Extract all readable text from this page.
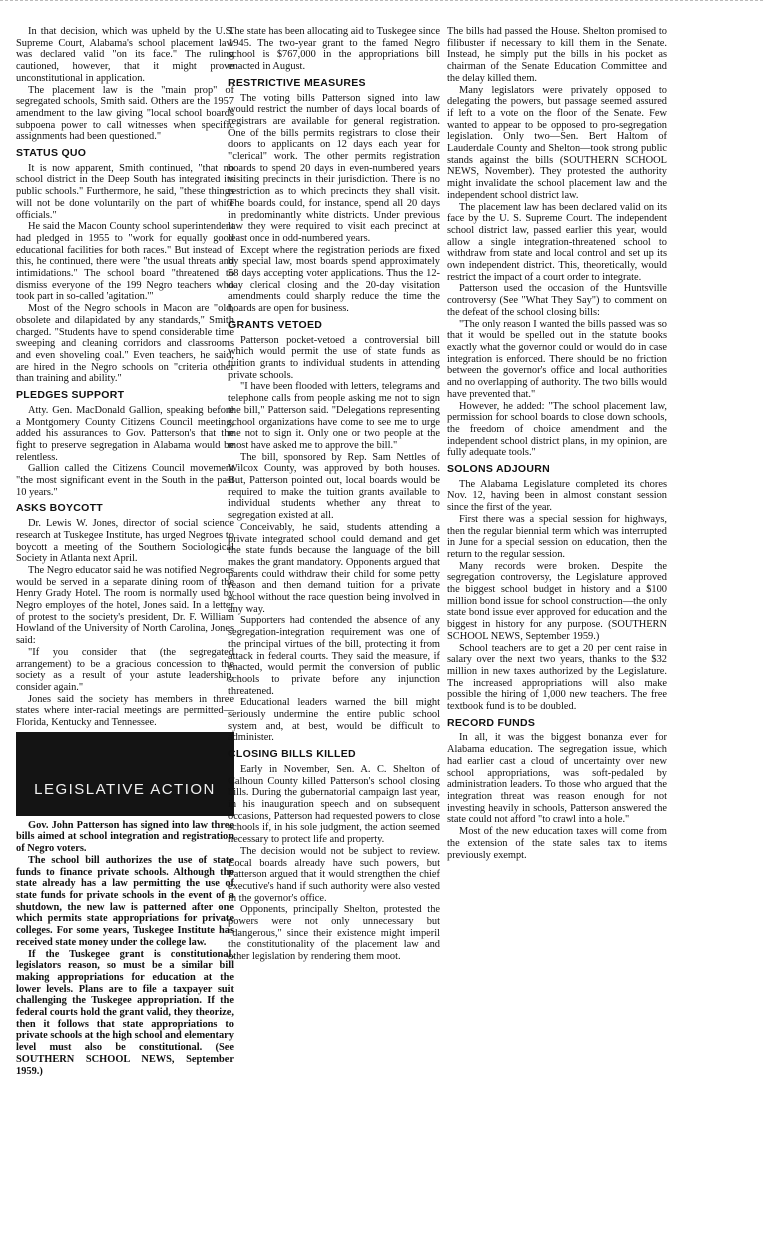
In that decision, which was upheld by the U.S. Supreme Court, Alabama's school placement law was declared valid "on its face." The ruling cautioned, however, that it might prove unconstitutional in application.

The placement law is the "main prop" of segregated schools, Smith said. Others are the 1957 amendment to the law giving "local school boards subpoena power to call witnesses when specific assignments had been questioned."

STATUS QUO

It is now apparent, Smith continued, "that no school district in the Deep South has integrated its public schools." Furthermore, he said, "these things will not be done voluntarily on the part of white officials."

He said the Macon County school superintendent had pledged in 1955 to "work for equally good educational facilities for both races." But instead of this, he continued, there were "the usual threats and intimidations." The school board "threatened to dismiss everyone of the 199 Negro teachers who took part in so-called 'agitation.'"

Most of the Negro schools in Macon are "old, obsolete and dilapidated by any standards," Smith charged. "Students have to spend considerable time sweeping and cleaning corridors and classrooms and even shoveling coal." Even teachers, he said, are hired in the Negro schools on "criteria other than training and ability."

PLEDGES SUPPORT

Atty. Gen. MacDonald Gallion, speaking before a Montgomery County Citizens Council meeting, added his assurances to Gov. Patterson's that the fight to preserve segregation in Alabama would be relentless.

Gallion called the Citizens Council movement "the most significant event in the South in the past 10 years."

ASKS BOYCOTT

Dr. Lewis W. Jones, director of social science research at Tuskegee Institute, has urged Negroes to boycott a meeting of the Southern Sociological Society in Atlanta next April.

The Negro educator said he was notified Negroes would be served in a separate dining room of the Henry Grady Hotel. The room is normally used by Negro employes of the hotel, Jones said. In a letter of protest to the society's president, Dr. F. William Howland of the University of North Carolina, Jones said:

"If you consider that (the segregated arrangement) to be a gracious concession to the society as a result of your astute leadership, consider again."

Jones said the society has members in three states where inter-racial meetings are permitted—Florida, Kentucky and Tennessee.

LEGISLATIVE ACTION

Gov. John Patterson has signed into law three bills aimed at school integration and registration of Negro voters.

The school bill authorizes the use of state funds to finance private schools. Although the state already has a law permitting the use of state funds for private schools in the event of a shutdown, the new law is patterned after one which permits state appropriations for private colleges. For some years, Tuskegee Institute has received state money under the college law.

If the Tuskegee grant is constitutional, legislators reason, so must be a similar bill making appropriations for education at the lower levels. Plans are to file a taxpayer suit challenging the Tuskegee appropriation. If the federal courts hold the grant valid, they theorize, then it follows that state appropriations to private schools at the high school and elementary level must also be constitutional. (See SOUTHERN SCHOOL NEWS, September 1959.)

The state has been allocating aid to Tuskegee since 1945. The two-year grant to the famed Negro school is $767,000 in the appropriations bill enacted in August.

RESTRICTIVE MEASURES

The voting bills Patterson signed into law would restrict the number of days local boards of registrars are available for general registration. One of the bills permits registrars to close their doors to applicants on 12 days each year for "clerical" work. The other permits registration boards to spend 20 days in even-numbered years visiting precincts in their jurisdiction. There is no restriction as to which precincts they shall visit. The boards could, for instance, spend all 20 days in predominantly white districts. Under previous law they were required to visit each precinct at least once in odd-numbered years.

Except where the registration periods are fixed by special law, most boards spend approximately 58 days accepting voter applications. Thus the 12-day clerical closing and the 20-day visitation amendments could sharply reduce the time the boards are open for business.

GRANTS VETOED

Patterson pocket-vetoed a controversial bill which would permit the use of state funds as tuition grants to individual students in attending private schools.

"I have been flooded with letters, telegrams and telephone calls from people asking me not to sign the bill," Patterson said. "Delegations representing school organizations have come to see me to urge me not to sign it. Only one or two people at the most have asked me to approve the bill."

The bill, sponsored by Rep. Sam Nettles of Wilcox County, was approved by both houses. But, Patterson pointed out, local boards would be required to make the tuition grants available to individual students whether any threat to segregation existed at all.

Conceivably, he said, students attending a private integrated school could demand and get the state funds because the language of the bill makes the grant mandatory. Opponents argued that parents could withdraw their child for some petty reason and then demand tuition for a private school without the race question being involved in any way.

Supporters had contended the absence of any segregation-integration requirement was one of the principal virtues of the bill, protecting it from attack in federal courts. They said the measure, if enacted, would permit the conversion of public schools to private before any injunction threatened.

Educational leaders warned the bill might seriously undermine the entire public school system and, at best, would be difficult to administer.

CLOSING BILLS KILLED

Early in November, Sen. A. C. Shelton of Calhoun County killed Patterson's school closing bills. During the gubernatorial campaign last year, in his inauguration speech and on subsequent occasions, Patterson had requested powers to close schools if, in his sole judgment, the action seemed necessary to protect life and property.

The decision would not be subject to review. Local boards already have such powers, but Patterson argued that it would strengthen the chief executive's hand if such authority were also vested in the governor's office.

Opponents, principally Shelton, protested the powers were not only unnecessary but "dangerous," since their existence might imperil the constitutionality of the placement law and other legislation by rendering them moot.

The bills had passed the House. Shelton promised to filibuster if necessary to kill them in the Senate. Instead, he simply put the bills in his pocket as chairman of the Senate Education Committee and the delay killed them.

Many legislators were privately opposed to delegating the powers, but passage seemed assured if left to a vote on the floor of the Senate. Few wanted to appear to be opposed to pro-segregation legislation. Only two—Sen. Bert Haltom of Lauderdale County and Shelton—took strong public stands against the bills (SOUTHERN SCHOOL NEWS, November). They protested the authority might invalidate the school placement law and the independent school district law.

The placement law has been declared valid on its face by the U. S. Supreme Court. The independent school district law, passed earlier this year, would allow a single integration-threatened school to withdraw from state and local control and set up its own independent district. This, theoretically, would restrict the impact of a court order to integrate.

Patterson used the occasion of the Huntsville controversy (See "What They Say") to comment on the defeat of the school closing bills:

"The only reason I wanted the bills passed was so that it would be spelled out in the statute books exactly what the governor could or would do in case integration is enforced. There should be no friction between the governor's office and local authorities and no overlapping of authority. The two bills would have prevented that."

However, he added: "The school placement law, permission for school boards to close down schools, the freedom of choice amendment and the independent school district plans, in my opinion, are fully adequate tools."

SOLONS ADJOURN

The Alabama Legislature completed its chores Nov. 12, having been in almost constant session since the first of the year.

First there was a special session for highways, then the regular biennial term which was interrupted in June for a special session on education, then the return to the regular session.

Many records were broken. Despite the segregation controversy, the Legislature approved the biggest school budget in history and a $100 million bond issue for school construction—the only state bond issue ever approved for education and the biggest in history for any purpose. (SOUTHERN SCHOOL NEWS, September 1959.)

School teachers are to get a 20 per cent raise in salary over the next two years, thanks to the $32 million in new taxes authorized by the Legislature. The increased appropriations will also make possible the hiring of 1,000 new teachers. The free textbook fund is to be doubled.

RECORD FUNDS

In all, it was the biggest bonanza ever for Alabama education. The segregation issue, which had earlier cast a cloud of uncertainty over new school appropriations, was soft-pedaled by administration leaders. To those who argued that the integration threat was reason enough for not investing heavily in schools, Patterson answered the state could not afford "to crawl into a hole."

Most of the new education taxes will come from the extension of the state sales tax to items previously exempt.
